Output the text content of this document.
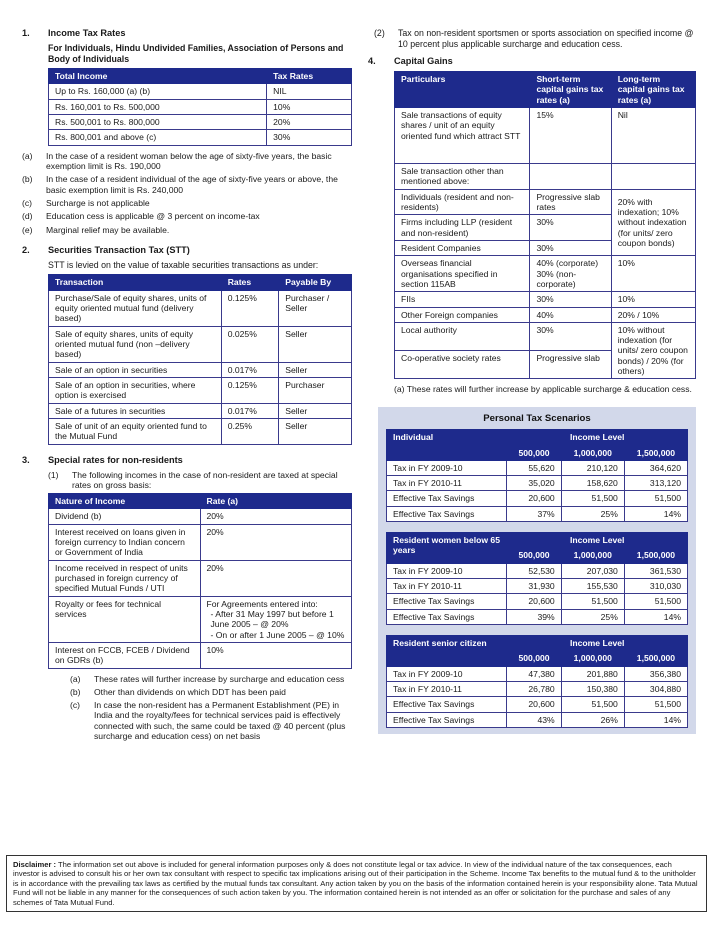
1.	Income Tax Rates
For Individuals, Hindu Undivided Families, Association of Persons and Body of Individuals
Total Income	Tax Rates
Up to Rs. 160,000 (a) (b)	NIL
Rs. 160,001 to Rs. 500,000	10%
Rs. 500,001 to Rs. 800,000	20%
Rs. 800,001 and above (c)	30%
(a)	In the case of a resident woman below the age of sixty-five years, the basic exemption limit is Rs. 190,000
(b)	In the case of a resident individual of the age of sixty-five years or above, the basic exemption limit is Rs. 240,000
(c)	Surcharge is not applicable
(d)	Education cess is applicable @ 3 percent on income-tax
(e)	Marginal relief may be available.
2.	Securities Transaction Tax (STT)
STT is levied on the value of taxable securities transactions as under:
Transaction	Rates	Payable By
Purchase/Sale of equity shares, units of equity oriented mutual fund (delivery based)	0.125%	Purchaser / Seller
Sale of equity shares, units of equity oriented mutual fund (non –delivery based)	0.025%	Seller
Sale of an option in securities	0.017%	Seller
Sale of an option in securities, where option is exercised	0.125%	Purchaser
Sale of a futures in securities	0.017%	Seller
Sale of unit of an equity oriented fund to the Mutual Fund	0.25%	Seller
3.	Special rates for non-residents
(1)	The following incomes in the case of non-resident are taxed at special rates on gross basis:
Nature of Income	Rate (a)
Dividend (b)	20%
Interest received on loans given in foreign currency to Indian concern or Government of India	20%
Income received in respect of units purchased in foreign currency of specified Mutual Funds / UTI	20%
Royalty or fees for technical services	For Agreements entered into:
- After 31 May 1997 but before 1 June 2005 – @ 20%
- On or after 1 June 2005 – @ 10%

Interest on FCCB, FCEB / Dividend on GDRs (b)	10%
(a)	These rates will further increase by surcharge and education cess
(b)	Other than dividends on which DDT has been paid
(c)	In case the non-resident has a Permanent Establishment (PE) in India and the royalty/fees for technical services paid is effectively connected with such, the same could be taxed @ 40 percent (plus surcharge and education cess) on net basis
(2)	Tax on non-resident sportsmen or sports association on specified income @ 10 percent plus applicable surcharge and education cess.
4.	Capital Gains
Particulars	Short-term capital gains tax rates (a)	Long-term capital gains tax rates (a)
Sale transactions of equity shares / unit of an equity oriented fund which attract STT	15%	Nil
Sale transaction other than mentioned above:		
Individuals (resident and non-residents)	Progressive slab rates	20% with indexation; 10% without indexation (for units/ zero coupon bonds)
Firms including LLP (resident and non-resident)	30%	
Resident Companies	30%	
Overseas financial organisations specified in section 115AB	40% (corporate) 30% (non-corporate)	10%
FIIs	30%	10%
Other Foreign companies	40%	20% / 10%
Local authority	30%	10% without indexation (for units/ zero coupon bonds) / 20% (for others)
Co-operative society rates	Progressive slab	
(a) These rates will further increase by applicable surcharge & education cess.
Personal Tax Scenarios
Individual	Income Level		
	500,000	1,000,000	1,500,000
Tax in FY 2009-10	55,620	210,120	364,620
Tax in FY 2010-11	35,020	158,620	313,120
Effective Tax Savings	20,600	51,500	51,500
Effective Tax Savings	37%	25%	14%
Resident women below 65 years	Income Level		
	500,000	1,000,000	1,500,000
Tax in FY 2009-10	52,530	207,030	361,530
Tax in FY 2010-11	31,930	155,530	310,030
Effective Tax Savings	20,600	51,500	51,500
Effective Tax Savings	39%	25%	14%
Resident senior citizen	Income Level		
	500,000	1,000,000	1,500,000
Tax in FY 2009-10	47,380	201,880	356,380
Tax in FY 2010-11	26,780	150,380	304,880
Effective Tax Savings	20,600	51,500	51,500
Effective Tax Savings	43%	26%	14%
Disclaimer : The information set out above is included for general information purposes only & does not constitute legal or tax advice. In view of the individual nature of the tax consequences, each investor is advised to consult his or her own tax consultant with respect to specific tax implications arising out of their participation in the Scheme. Income Tax benefits to the mutual fund & to the unitholder is in accordance with the prevailing tax laws as certified by the mutual funds tax consultant. Any action taken by you on the basis of the information contained herein is your responsibility alone. Tata Mutual Fund will not be liable in any manner for the consequences of such action taken by you. The information contained herein is not intended as an offer or solicitation for the purchase and sales of any schemes of Tata Mutual Fund.
